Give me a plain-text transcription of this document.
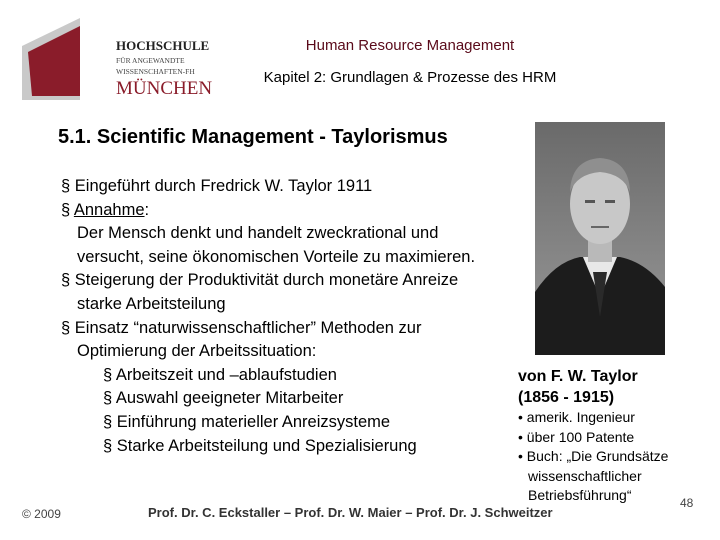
HOCHSCHULE
FÜR ANGEWANDTE
WISSENSCHAFTEN-FH
MÜNCHEN
Human Resource Management
Kapitel 2: Grundlagen & Prozesse des HRM
5.1. Scientific Management - Taylorismus
§ Eingeführt durch Fredrick W. Taylor 1911
§ Annahme:
Der Mensch denkt und handelt zweckrational und
versucht, seine ökonomischen Vorteile zu maximieren.
§ Steigerung der Produktivität durch monetäre Anreize
starke Arbeitsteilung
§ Einsatz “naturwissenschaftlicher” Methoden zur
Optimierung der Arbeitssituation:
§ Arbeitszeit und –ablaufstudien
§ Auswahl geeigneter Mitarbeiter
§ Einführung materieller Anreizsysteme
§ Starke Arbeitsteilung und Spezialisierung
von F. W. Taylor
(1856 - 1915)
• amerik. Ingenieur
• über 100 Patente
• Buch: „Die Grundsätze
wissenschaftlicher
Betriebsführung“
© 2009	Prof. Dr. C. Eckstaller – Prof. Dr. W. Maier – Prof. Dr. J. Schweitzer
48
